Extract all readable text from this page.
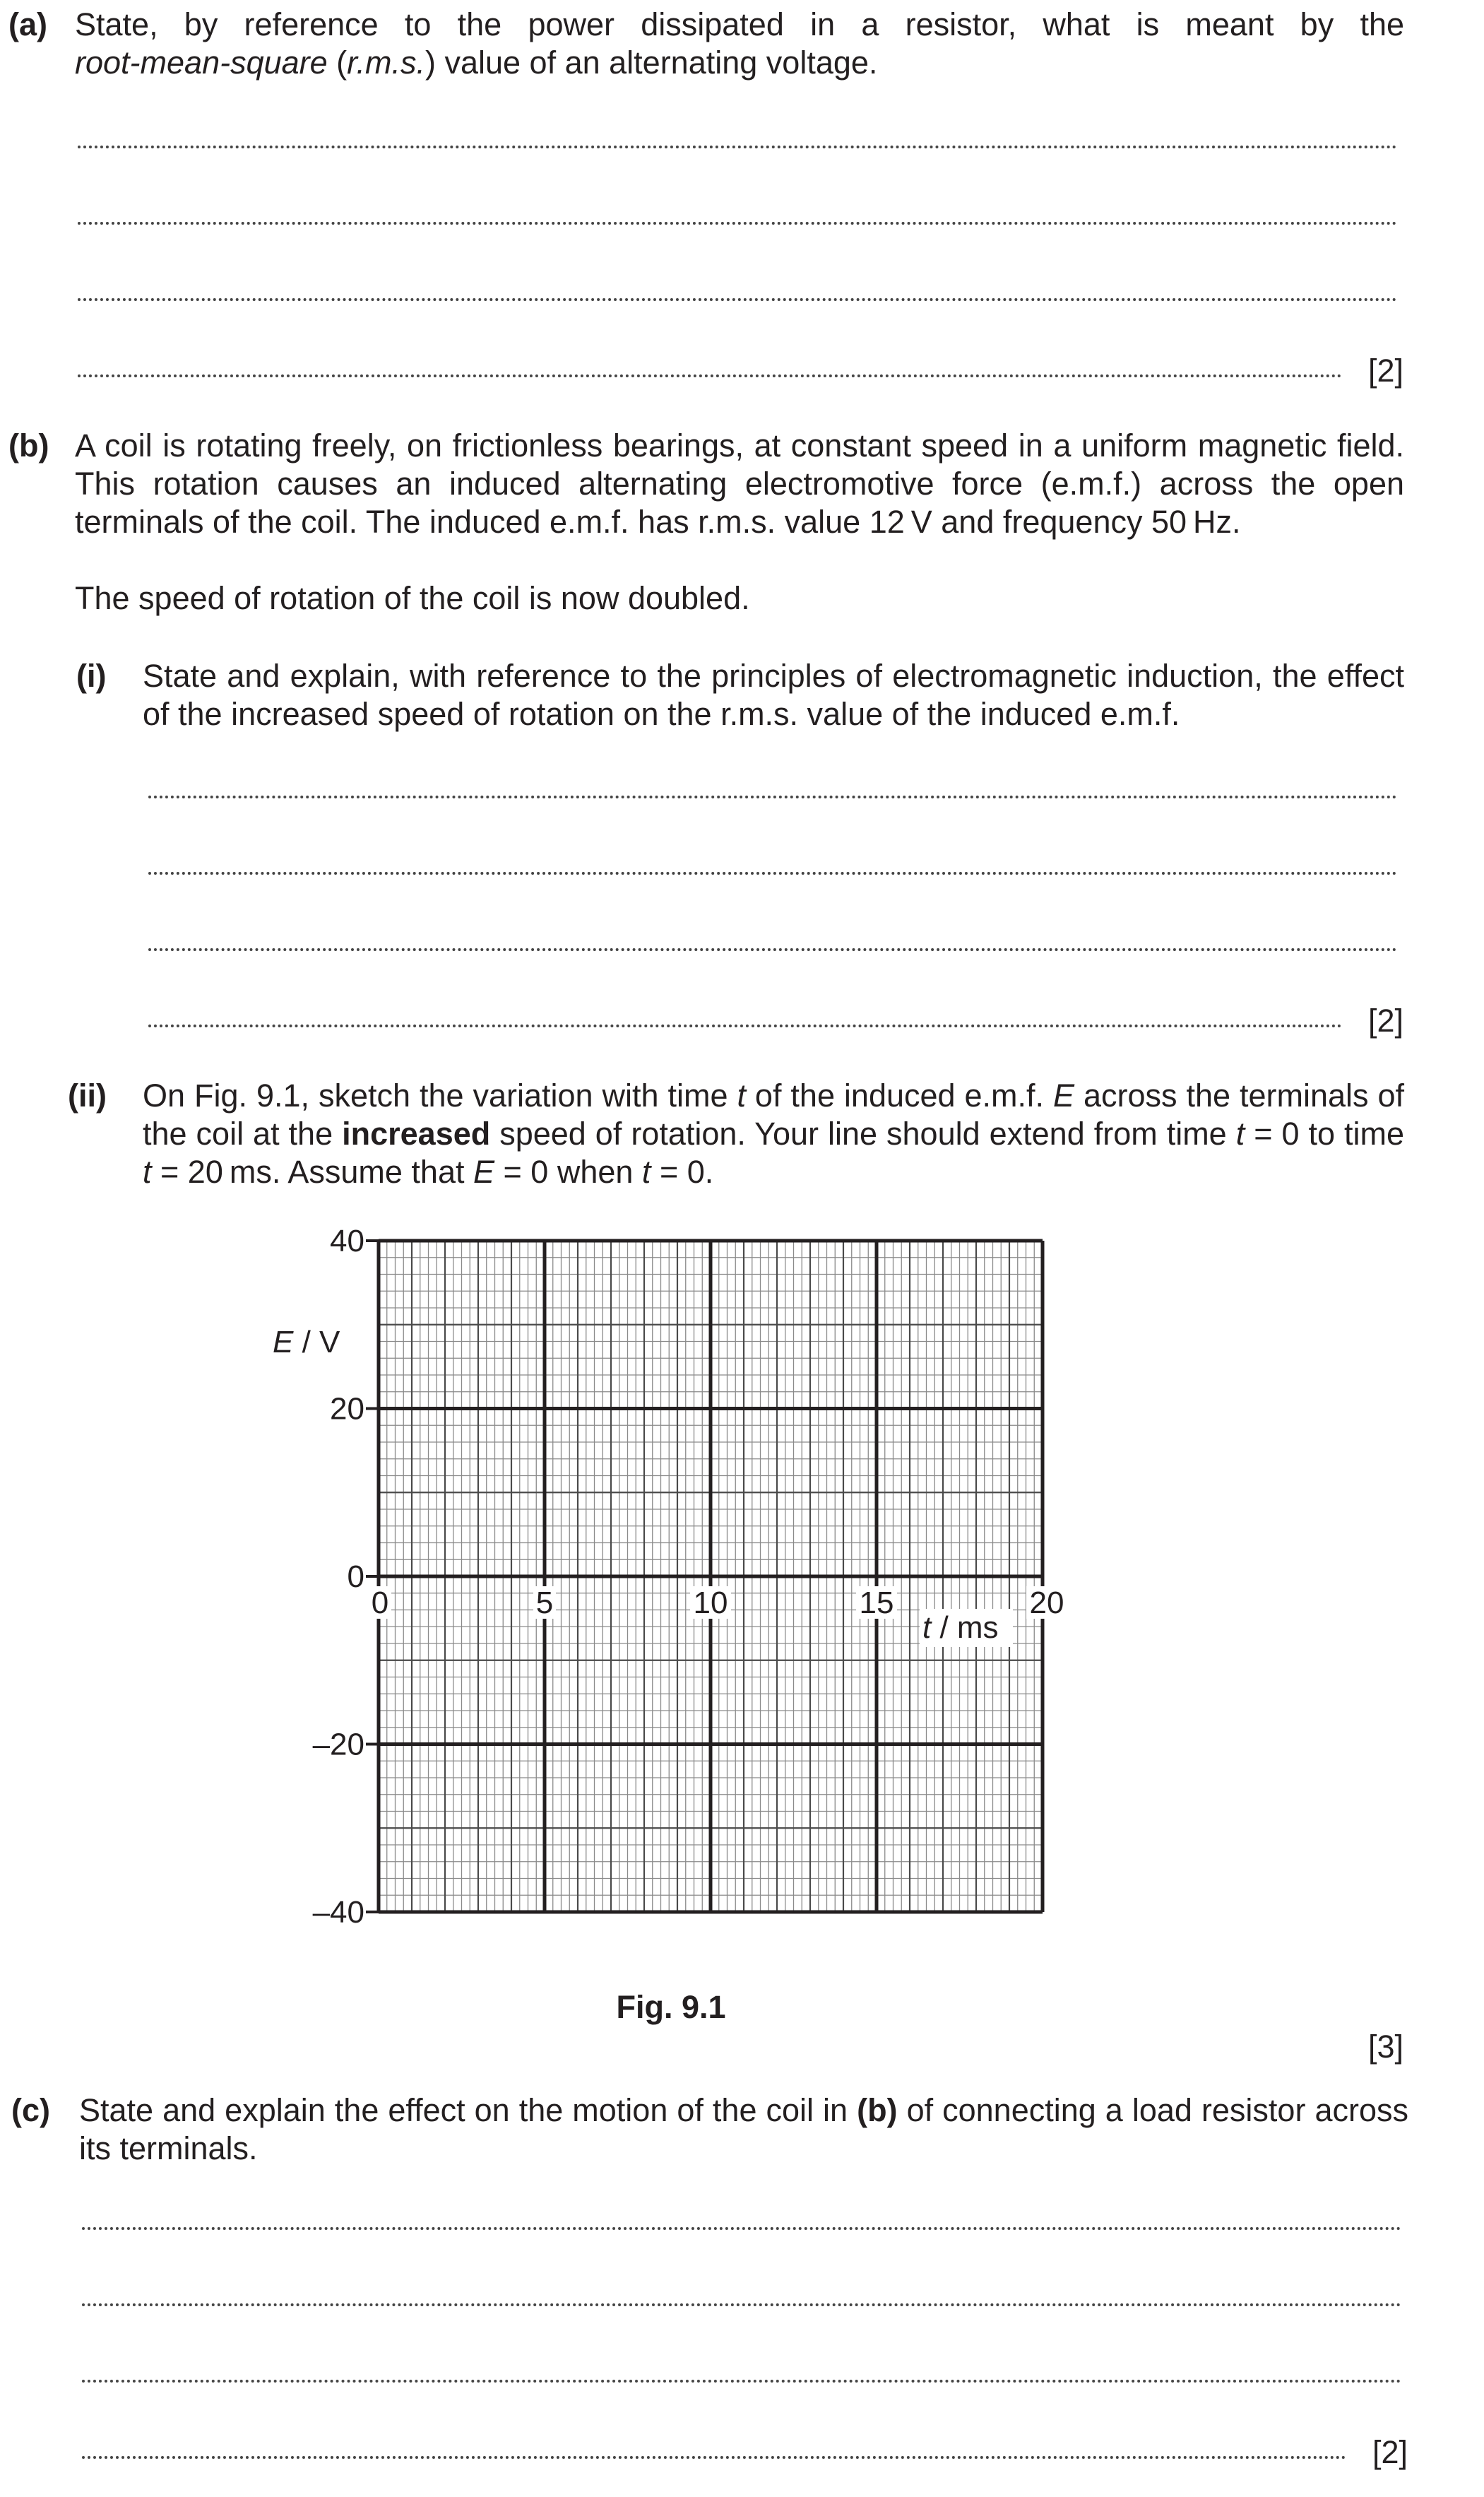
(a) State, by reference to the power dissipated in a resistor, what is meant by the
root-mean-square (r.m.s.) value of an alternating voltage.
[2]
(b) A coil is rotating freely, on frictionless bearings, at constant speed in a uniform magnetic field. This rotation causes an induced alternating electromotive force (e.m.f.) across the open terminals of the coil. The induced e.m.f. has r.m.s. value 12 V and frequency 50 Hz.
The speed of rotation of the coil is now doubled.
(i) State and explain, with reference to the principles of electromagnetic induction, the effect of the increased speed of rotation on the r.m.s. value of the induced e.m.f.
[2]
(ii) On Fig. 9.1, sketch the variation with time t of the induced e.m.f. E across the terminals of the coil at the increased speed of rotation. Your line should extend from time t = 0 to time t = 20 ms. Assume that E = 0 when t = 0.
40
20
0
–20
–40
0	5	10	15	20
E / V
t / ms
Fig. 9.1
[3]
(c) State and explain the effect on the motion of the coil in (b) of connecting a load resistor across its terminals.
[2]
